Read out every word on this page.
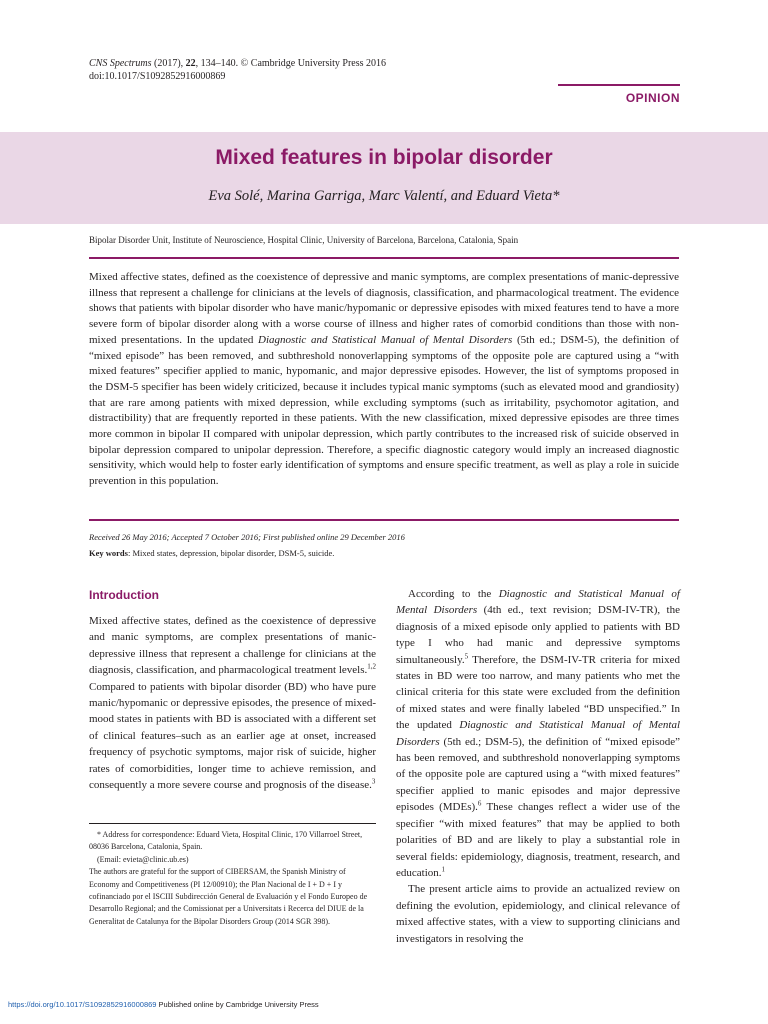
CNS Spectrums (2017), 22, 134–140. © Cambridge University Press 2016
doi:10.1017/S1092852916000869
OPINION
Mixed features in bipolar disorder
Eva Solé, Marina Garriga, Marc Valentí, and Eduard Vieta*
Bipolar Disorder Unit, Institute of Neuroscience, Hospital Clinic, University of Barcelona, Barcelona, Catalonia, Spain
Mixed affective states, defined as the coexistence of depressive and manic symptoms, are complex presentations of manic-depressive illness that represent a challenge for clinicians at the levels of diagnosis, classification, and pharmacological treatment. The evidence shows that patients with bipolar disorder who have manic/hypomanic or depressive episodes with mixed features tend to have a more severe form of bipolar disorder along with a worse course of illness and higher rates of comorbid conditions than those with non-mixed presentations. In the updated Diagnostic and Statistical Manual of Mental Disorders (5th ed.; DSM-5), the definition of “mixed episode” has been removed, and subthreshold nonoverlapping symptoms of the opposite pole are captured using a “with mixed features” specifier applied to manic, hypomanic, and major depressive episodes. However, the list of symptoms proposed in the DSM-5 specifier has been widely criticized, because it includes typical manic symptoms (such as elevated mood and grandiosity) that are rare among patients with mixed depression, while excluding symptoms (such as irritability, psychomotor agitation, and distractibility) that are frequently reported in these patients. With the new classification, mixed depressive episodes are three times more common in bipolar II compared with unipolar depression, which partly contributes to the increased risk of suicide observed in bipolar depression compared to unipolar depression. Therefore, a specific diagnostic category would imply an increased diagnostic sensitivity, which would help to foster early identification of symptoms and ensure specific treatment, as well as play a role in suicide prevention in this population.
Received 26 May 2016; Accepted 7 October 2016; First published online 29 December 2016
Key words: Mixed states, depression, bipolar disorder, DSM-5, suicide.
Introduction

Mixed affective states, defined as the coexistence of depressive and manic symptoms, are complex presentations of manic-depressive illness that represent a challenge for clinicians at the diagnosis, classification, and pharmacological treatment levels.$^{1,2}$ Compared to patients with bipolar disorder (BD) who have pure manic/hypomanic or depressive episodes, the presence of mixed-mood states in patients with BD is associated with a different set of clinical features–such as an earlier age at onset, increased frequency of psychotic symptoms, major risk of suicide, higher rates of comorbidities, longer time to achieve remission, and consequently a more severe course and prognosis of the disease.$^3$

* Address for correspondence: Eduard Vieta, Hospital Clinic, 170 Villarroel Street, 08036 Barcelona, Catalonia, Spain.

(Email: evieta@clinic.ub.es)

The authors are grateful for the support of CIBERSAM, the Spanish Ministry of Economy and Competitiveness (PI 12/00910); the Plan Nacional de I + D + I y cofinanciado por el ISCIII Subdirección General de Evaluación y el Fondo Europeo de Desarrollo Regional; and the Comissionat per a Universitats i Recerca del DIUE de la Generalitat de Catalunya for the Bipolar Disorders Group (2014 SGR 398).

According to the Diagnostic and Statistical Manual of Mental Disorders (4th ed., text revision; DSM-IV-TR), the diagnosis of a mixed episode only applied to patients with BD type I who had manic and depressive symptoms simultaneously.$^5$ Therefore, the DSM-IV-TR criteria for mixed states in BD were too narrow, and many patients who met the clinical criteria for this state were excluded from the definition of mixed states and were finally labeled “BD unspecified.” In the updated Diagnostic and Statistical Manual of Mental Disorders (5th ed.; DSM-5), the definition of “mixed episode” has been removed, and subthreshold nonoverlapping symptoms of the opposite pole are captured using a “with mixed features” specifier applied to manic episodes and major depressive episodes (MDEs).$^6$ These changes reflect a wider use of the specifier “with mixed features” that may be applied to both polarities of BD and are likely to play a substantial role in several fields: epidemiology, diagnosis, treatment, research, and education.$^1$

The present article aims to provide an actualized review on defining the evolution, epidemiology, and clinical relevance of mixed affective states, with a view to supporting clinicians and investigators in resolving the

https://doi.org/10.1017/S1092852916000869 Published online by Cambridge University Press
